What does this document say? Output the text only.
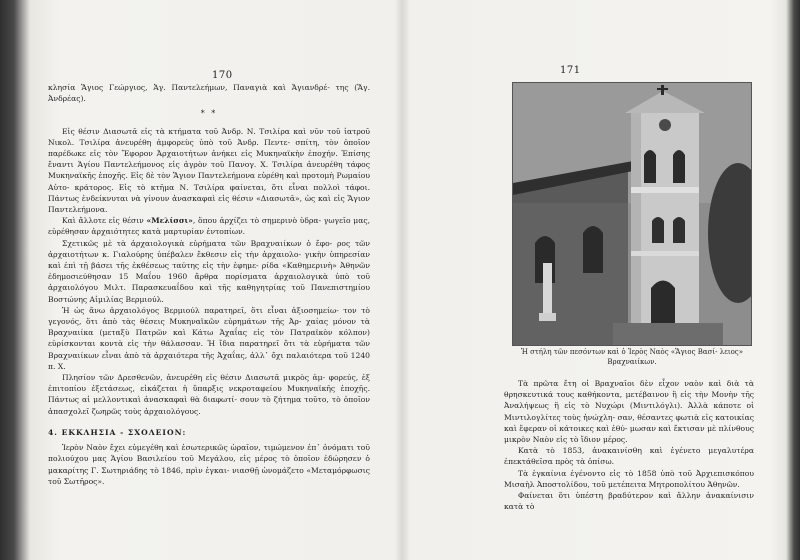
170

κλησία Ἅγιος Γεώργιος, Ἁγ. Παντελεήμων, Παναγιὰ καὶ Ἁγιανδρέ- της (Ἅγ. Ἀνδρέας).

* *

Εἰς θέσιν Διασωτᾶ εἰς τὰ κτήματα τοῦ Ἀνδρ. Ν. Τσιλίρα καὶ νῦν τοῦ ἰατροῦ Νικολ. Τσιλίρα ἀνευρέθη ἀμφορεὺς ὑπὸ τοῦ Ἀνδρ. Πεντε- σπίτη, τὸν ὁποῖον παρέδωκε εἰς τὸν Ἔφορον Ἀρχαιοτήτων ἀνήκει εἰς Μυκηναϊκὴν ἐποχήν. Ἐπίσης ἔναντι Ἁγίου Παντελεήμονος εἰς ἀγρὸν τοῦ Πανογ. Χ. Τσιλίρα ἀνευρέθη τάφος Μυκηναϊκῆς ἐποχῆς. Εἰς δὲ τὸν Ἅγιον Παντελεήμονα εὑρέθη καὶ προτομὴ Ρωμαίου Αὐτο- κράτορος. Εἰς τὸ κτῆμα Ν. Τσιλίρα φαίνεται, ὅτι εἶναι πολλοὶ τάφοι. Πάντως ἐνδείκνυται νὰ γίνουν ἀνασκαφαὶ εἰς θέσιν «Διασωτᾶ», ὡς καὶ εἰς Ἅγιον Παντελεήμονα.

Καὶ ἄλλοτε εἰς θέσιν «Μελίσσι», ὅπου ἀρχίζει τὸ σημερινὸ ὑδρα- γωγεῖο μας, εὑρέθησαν ἀρχαιότητες κατὰ μαρτυρίαν ἐντοπίων.

Σχετικῶς μὲ τὰ ἀρχαιολογικὰ εὑρήματα τῶν Βραχναιίκων ὁ ἔφο- ρος τῶν ἀρχαιοτήτων κ. Γιαλούρης ὑπέβαλεν ἔκθεσιν εἰς τὴν ἀρχαιολο- γικὴν ὑπηρεσίαν καὶ ἐπὶ τῇ βάσει τῆς ἐκθέσεως ταύτης εἰς τὴν ἐφημε- ρίδα «Καθημερινὴ» Ἀθηνῶν ἐδημοσιεύθησαν 15 Μαΐου 1960 ἄρθρα πορίσματα ἀρχαιολογικὰ ὑπὸ τοῦ ἀρχαιολόγου Μιλτ. Παρασκευαΐδου καὶ τῆς καθηγητρίας τοῦ Πανεπιστημίου Βοστώνης Αἰμιλίας Βερμιούλ.

Ἡ ὡς ἄνω ἀρχαιολόγος Βερμιούλ παρατηρεῖ, ὅτι εἶναι ἀξιοσημείω- τον τὸ γεγονός, ὅτι ἀπὸ τὰς θέσεις Μυκηναϊκῶν εὑρημάτων τῆς Ἀρ- χαίας μόνον τὰ Βραχναιίκα (μεταξὺ Πατρῶν καὶ Κάτω Ἀχαΐας εἰς τὸν Πατραϊκὸν κόλπον) εὑρίσκονται κοντὰ εἰς τὴν θάλασσαν. Ἡ ἴδια παρατηρεῖ ὅτι τὰ εὑρήματα τῶν Βραχναιίκων εἶναι ἀπὸ τὰ ἀρχαιότερα τῆς Ἀχαΐας, ἀλλ᾽ ὄχι παλαιότερα τοῦ 1240 π. Χ.

Πλησίον τῶν Δρεσθενῶν, ἀνευρέθη εἰς θέσιν Διασωτᾶ μικρὸς ἀμ- φορεύς, ἐξ ἐπιτοπίου ἐξετάσεως, εἰκάζεται ἡ ὕπαρξις νεκροταφείου Μυκηναϊκῆς ἐποχῆς. Πάντως αἱ μελλοντικαὶ ἀνασκαφαὶ θὰ διαφωτί- σουν τὸ ζήτημα τοῦτο, τὸ ὁποῖον ἀπασχολεῖ ζωηρῶς τοὺς ἀρχαιολόγους.

4. ΕΚΚΛΗΣΙΑ - ΣΧΟΛΕΙΟΝ:

Ἱερὸν Ναὸν ἔχει εὐμεγέθη καὶ ἐσωτερικῶς ὡραῖον, τιμώμενον ἐπ᾽ ὀνόματι τοῦ πολιούχου μας Ἁγίου Βασιλείου τοῦ Μεγάλου, εἰς μέρος τὸ ὁποῖον ἐδώρησεν ὁ μακαρίτης Γ. Σωτηριάδης τὸ 1846, πρὶν ἐγκαι- νιασθῇ ὠνομάζετο «Μεταμόρφωσις τοῦ Σωτῆρος».

171
Ἡ στήλη τῶν πεσόντων καὶ ὁ Ἱερὸς Ναὸς «Ἅγιος Βασί- λειος» Βραχναιίκων.

Τὰ πρῶτα ἔτη οἱ Βραχναῖοι δὲν εἶχον ναὸν καὶ διὰ τὰ θρησκευτικά τους καθήκοντα, μετέβαινον ἢ εἰς τὴν Μονὴν τῆς Ἀναλήψεως ἢ εἰς τὸ Νυχώρι (Μιντιλόγλι). Ἀλλὰ κάποτε οἱ Μιντιλογλίτες τοὺς ἠνώχλη- σαν, θέσαντες φωτιὰ εἰς κατοικίας καὶ ἔφεραν οἱ κάτοικες καὶ ἐθύ- μωσαν καὶ ἔκτισαν μὲ πλίνθους μικρὸν Ναὸν εἰς τὸ ἴδιον μέρος.

Κατὰ τὸ 1853, ἀνακαινίσθη καὶ ἐγένετο μεγαλυτέρα ἐπεκτάθεῖσα πρὸς τὰ ὀπίσω.

Τὰ ἐγκαίνια ἐγένοντο εἰς τὸ 1858 ὑπὸ τοῦ Ἀρχιεπισκόπου Μισαὴλ Ἀποστολίδου, τοῦ μετέπειτα Μητροπολίτου Ἀθηνῶν.

Φαίνεται ὅτι ὑπέστη βραδύτερον καὶ ἄλλην ἀνακαίνισιν κατὰ τὸ
